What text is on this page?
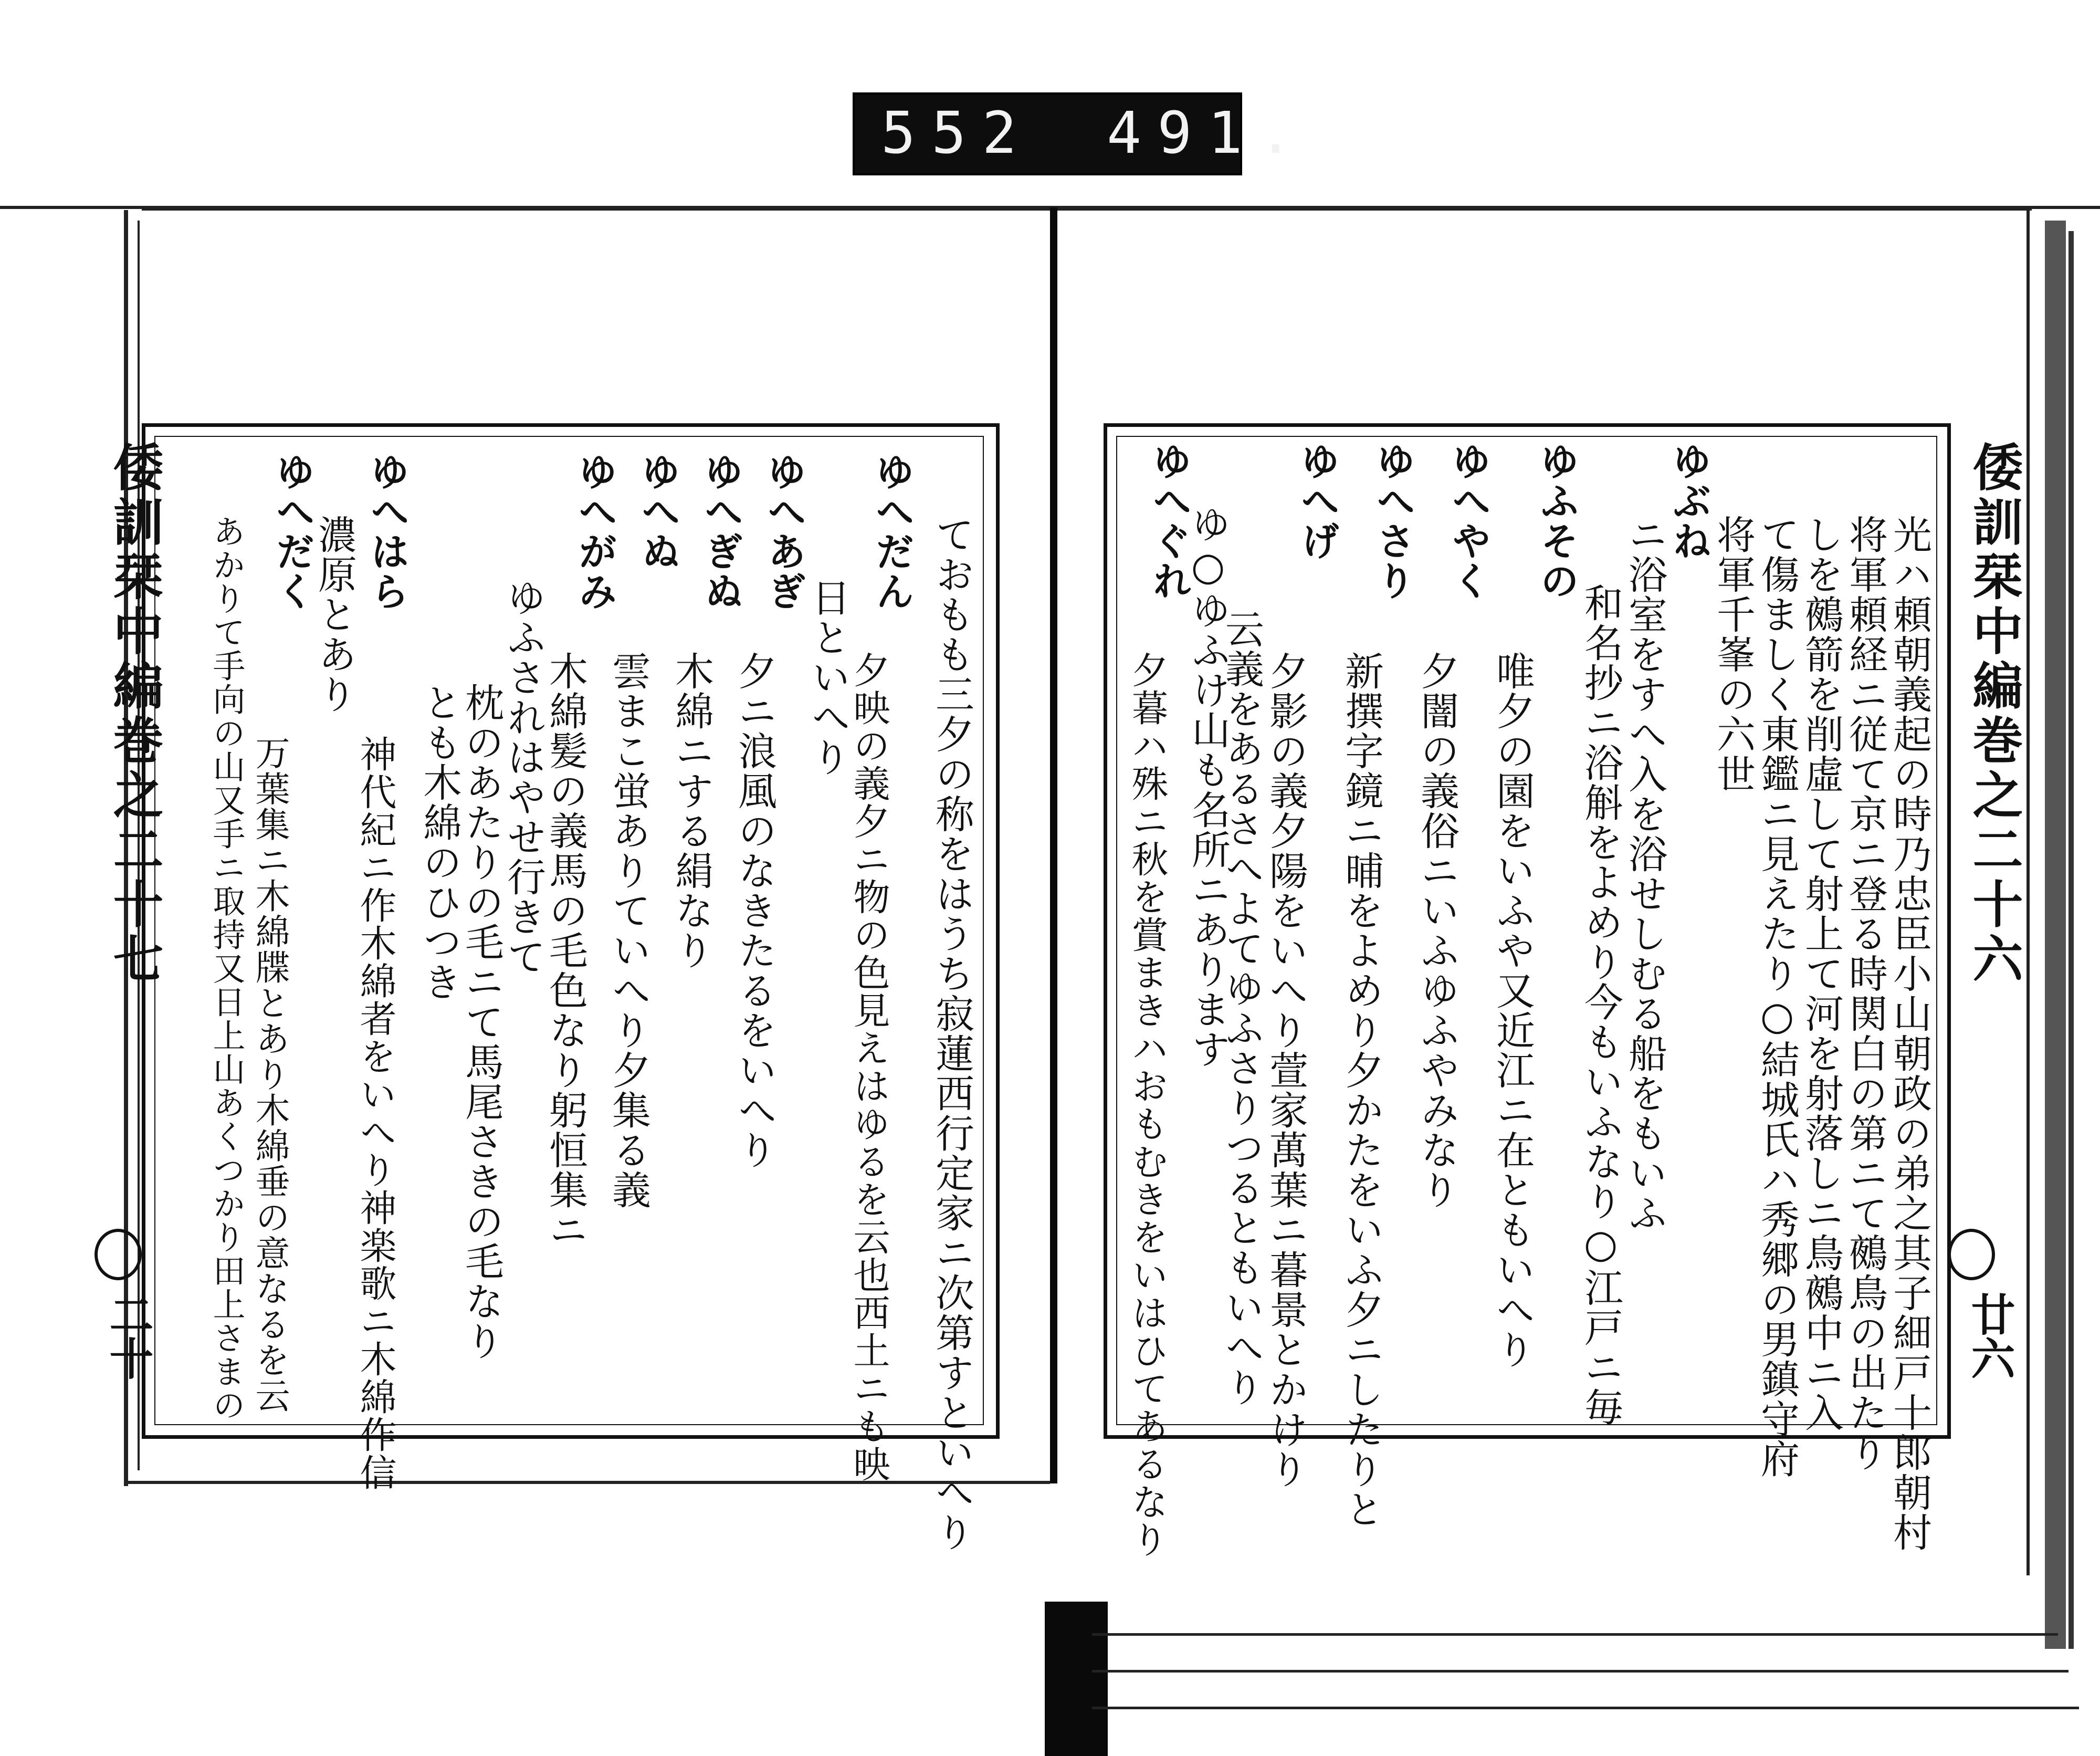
552 491.
倭訓栞中編巻之二十六
廿六
光ハ頼朝義起の時乃忠臣小山朝政の弟之其子細戸十郎朝村
将軍頼経ニ従て京ニ登る時関白の第ニて鵺鳥の出たり
しを鵺箭を削虛して射上て河を射落しニ鳥鵺中ニ入
て傷ましく東鑑ニ見えたり○結城氏ハ秀郷の男鎮守府
将軍千峯の六世
ゆぶね
ニ浴室をすへ入を浴せしむる船をもいふ
和名抄ニ浴斛をよめり今もいふなり○江戸ニ毎
ゆふその
唯夕の園をいふや又近江ニ在ともいへり
ゆへやく
夕闇の義俗ニいふゆふやみなり
ゆへさり
新撰字鏡ニ晡をよめり夕かたをいふ夕ニしたりと
ゆへげ
夕影の義夕陽をいへり萱家萬葉ニ暮景とかけり
云義をあるさへよてゆふさりつるともいへり
ゆ○ゆふけ山も名所ニあります
ゆへぐれ
夕暮ハ殊ニ秋を賞まきハおもむきをいはひてあるなり
倭訓栞中編巻之二十七
二十	ておもも三夕の称をはうち寂蓮西行定家ニ次第すといへり
ゆへだん
夕映の義夕ニ物の色見えはゆるを云也西土ニも映
日といへり
ゆへあぎ
夕ニ浪風のなきたるをいへり
ゆへぎぬ
木綿ニする絹なり
ゆへぬ
雲まこ蛍ありていへり夕集る義
ゆへがみ
木綿髪の義馬の毛色なり躬恒集ニ
ゆふされはやせ行きて
枕のあたりの毛ニて馬尾さきの毛なり
とも木綿のひつき
ゆへはら
神代紀ニ作木綿者をいへり神楽歌ニ木綿作信
濃原とあり
ゆへだく
万葉集ニ木綿牒とあり木綿垂の意なるを云
あかりて手向の山又手ニ取持又日上山あくつかり田上さまの
